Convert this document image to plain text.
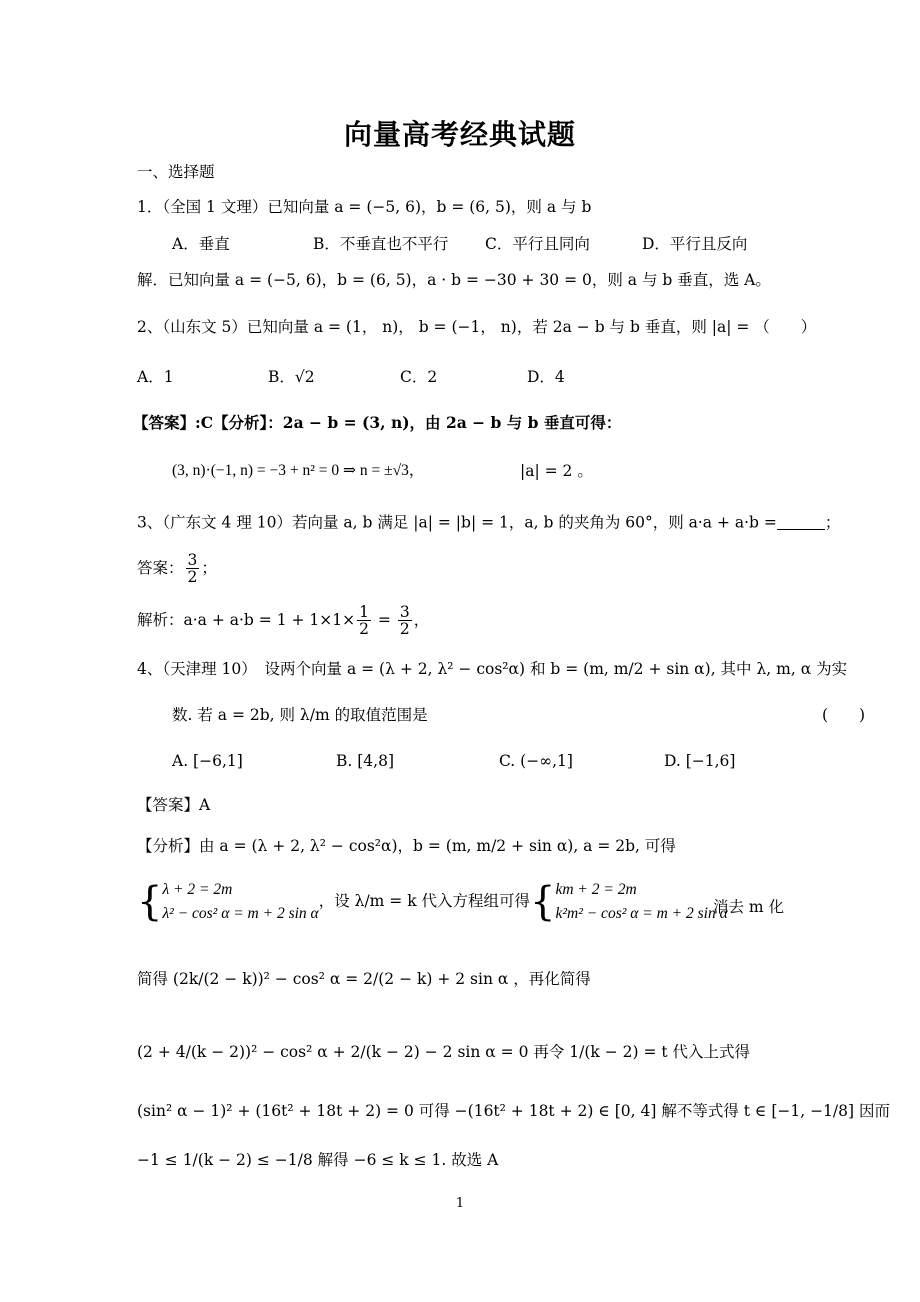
向量高考经典试题
一、选择题
1．（全国 1 文理）已知向量 a = (−5, 6)，b = (6, 5)，则 a 与 b
A．垂直	B．不垂直也不平行 C．平行且同向	D．平行且反向
解．已知向量 a = (−5, 6)，b = (6, 5)，a · b = −30 + 30 = 0，则 a 与 b 垂直，选 A。
2、（山东文 5）已知向量 a = (1， n)， b = (−1， n)，若 2a − b 与 b 垂直，则 |a| = （　　）
A．1	B．√2	C．2	D．4
【答案】:C【分析】：2a − b = (3, n)，由 2a − b 与 b 垂直可得：
(3, n)·(−1, n) = −3 + n² = 0 ⇒ n = ±√3，	|a| = 2 。
3、（广东文 4 理 10）若向量 a, b 满足 |a| = |b| = 1，a, b 的夹角为 60°，则 a·a + a·b =	；
答案： $\frac{3}{2}$ ；
解析：$a\cdot a + a\cdot b = 1 + 1\times 1\times \frac{1}{2} = \frac{3}{2}$ ，
4、（天津理 10）　设两个向量 a = (λ + 2, λ² − cos²α) 和 b = (m, m/2 + sin α), 其中 λ, m, α 为实
数. 若 a = 2b, 则 λ/m 的取值范围是	(　　)
A. [−6,1]	B. [4,8]	C. (−∞,1]	D. [−1,6]
【答案】A
【分析】由 a = (λ + 2, λ² − cos²α)，b = (m, m/2 + sin α), a = 2b, 可得
{ λ + 2 = 2m
λ² − cos² α = m + 2 sin α
，设 λ/m = k 代入方程组可得{ km + 2 = 2m
k²m² − cos² α = m + 2 sin α
消去 m 化
简得 (2k/(2 − k))² − cos² α = 2/(2 − k) + 2 sin α ，再化简得
(2 + 4/(k − 2))² − cos² α + 2/(k − 2) − 2 sin α = 0 再令 1/(k − 2) = t 代入上式得
(sin² α − 1)² + (16t² + 18t + 2) = 0 可得 −(16t² + 18t + 2) ∈ [0, 4] 解不等式得 t ∈ [−1, −1/8] 因而
−1 ≤ 1/(k − 2) ≤ −1/8 解得 −6 ≤ k ≤ 1. 故选 A
1
